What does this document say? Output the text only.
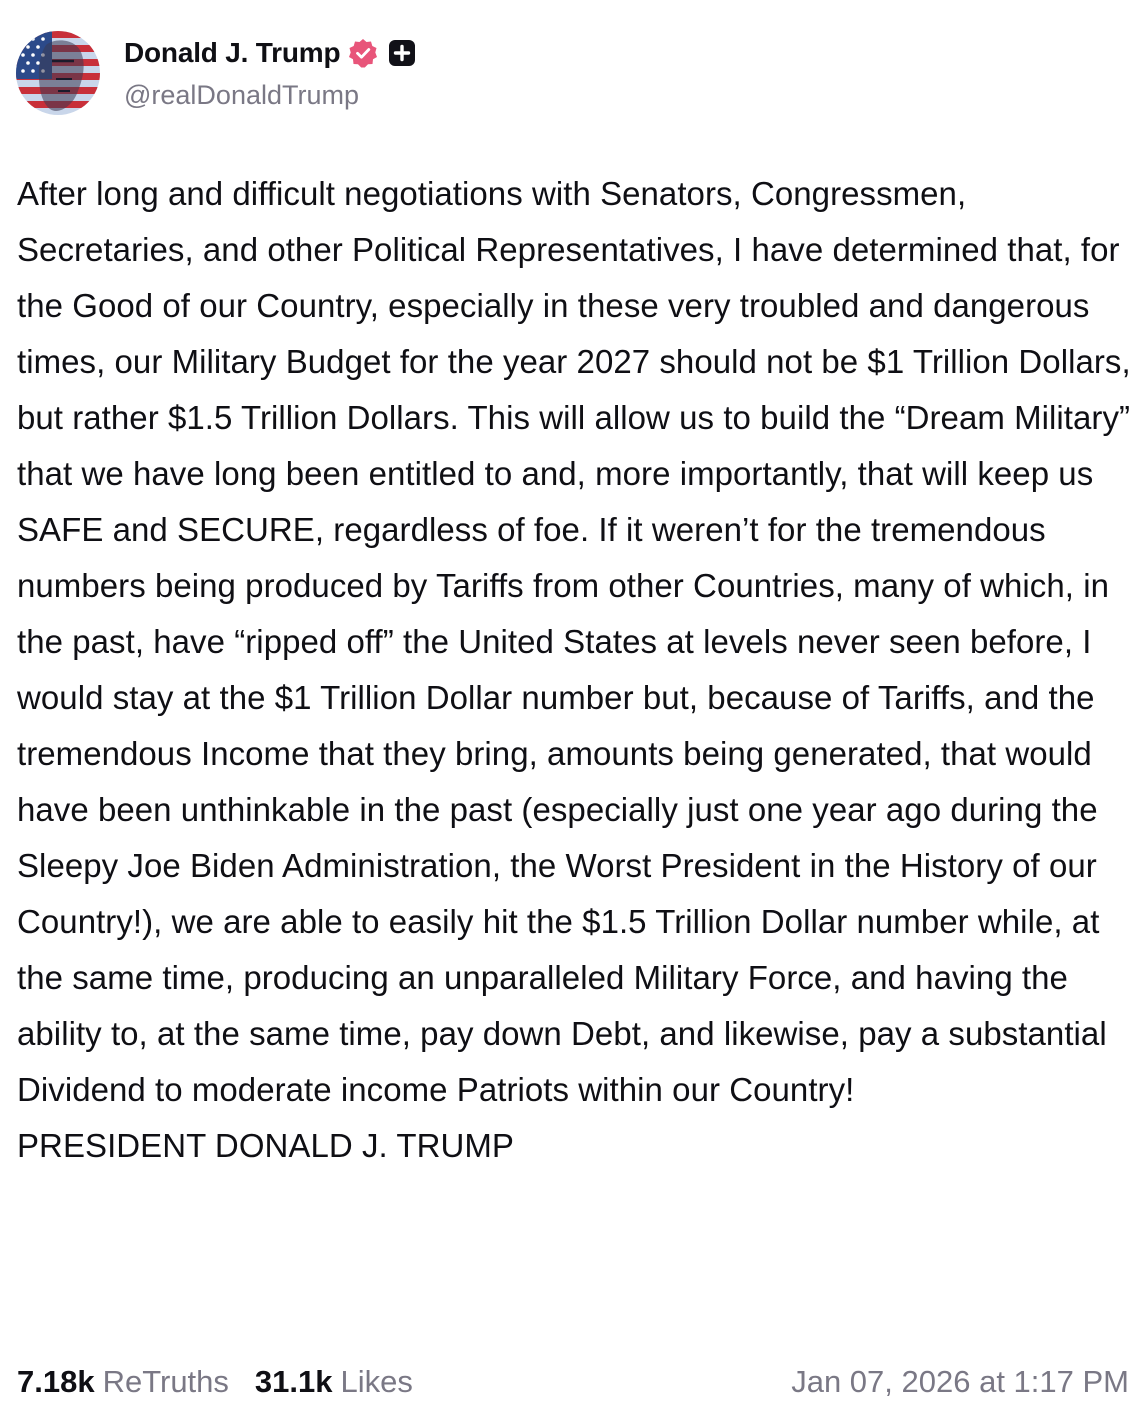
Donald J. Trump
@realDonaldTrump

After long and difficult negotiations with Senators, Congressmen, Secretaries, and other Political Representatives, I have determined that, for the Good of our Country, especially in these very troubled and dangerous times, our Military Budget for the year 2027 should not be $1 Trillion Dollars, but rather $1.5 Trillion Dollars. This will allow us to build the “Dream Military” that we have long been entitled to and, more importantly, that will keep us SAFE and SECURE, regardless of foe. If it weren’t for the tremendous numbers being produced by Tariffs from other Countries, many of which, in the past, have “ripped off” the United States at levels never seen before, I would stay at the $1 Trillion Dollar number but, because of Tariffs, and the tremendous Income that they bring, amounts being generated, that would have been unthinkable in the past (especially just one year ago during the Sleepy Joe Biden Administration, the Worst President in the History of our Country!), we are able to easily hit the $1.5 Trillion Dollar number while, at the same time, producing an unparalleled Military Force, and having the ability to, at the same time, pay down Debt, and likewise, pay a substantial Dividend to moderate income Patriots within our Country!

PRESIDENT DONALD J. TRUMP

7.18k ReTruths 31.1k Likes	Jan 07, 2026 at 1:17 PM
